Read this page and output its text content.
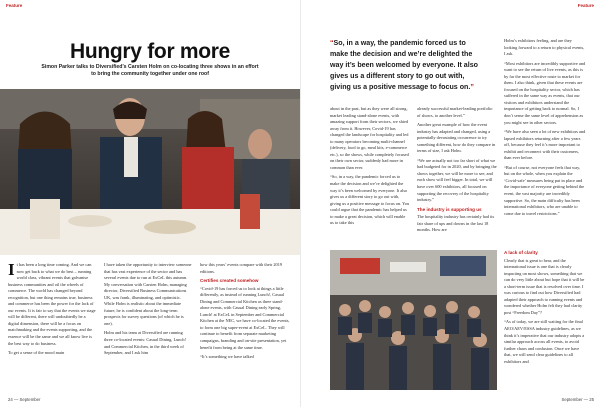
Feature
Hungry for more
Simon Parker talks to Diversified’s Carsten Holm on co-locating three shows in an effort to bring the community together under one roof

It has been a long time coming. And we can now get back to what we do best – running world class, vibrant events that galvanise business communities and oil the wheels of commerce. The world has changed beyond recognition, but one thing remains true, business and commerce has been the power for the lack of our events. It is fair to say that the events we stage will be different, there will undoubtedly be a digital dimension, there will be a focus on matchmaking and the events supporting, and the essence will be the same and we all know live is the best way to do business.

To get a sense of the mood main

I have taken the opportunity to interview someone that has vast experience of the sector and has several events due to run at ExCeL this autumn. My conversation with Carsten Holm, managing director, Diversified Business Communications UK, was frank, illuminating, and optimistic. While Holm is realistic about the immediate future, he is confident about the long-term prospects for survey questions (of which he is one).

Holm and his team at Diversified are running three co-located events: Casual Dining, Lunch! and Commercial Kitchen, in the third week of September, and I ask him

how this years’ events compare with their 2019 editions.

Certifies created somehow

“Covid-19 has forced us to look at things a little differently, as instead of running Lunch!, Casual Dining and Commercial Kitchen as three stand-alone events, with Casual Dining early Spring, Lunch! at ExCeL in September and Commercial Kitchen at the NEC, we have co-located the events, to form one big super-event at ExCeL. They will continue to benefit from separate marketing campaigns, branding and on-site presentation, yet benefit from being at the same time.

“It’s something we have talked

24 — September
Feature
“So, in a way, the pandemic forced us to make the decision and we’re delighted the way it’s been welcomed by everyone. It also gives us a different story to go out with, giving us a positive message to focus on.”

about in the past, but as they were all strong, market leading stand-alone events, with amazing support from their sectors, we shied away from it. However, Covid-19 has changed the landscape for hospitality and led to many operators becoming multi-channel (delivery, food to go, meal kits, e-commerce etc.), so the shows, while completely focused on their own sector, suddenly had more in common than ever.

“So, in a way, the pandemic forced us to make the decision and we’re delighted the way it’s been welcomed by everyone. It also gives us a different story to go out with, giving us a positive message to focus on. You could argue that the pandemic has helped us to make a great decision, which will enable us to take this

already successful market-leading portfolio of shows, to another level.”

Another great example of how the event industry has adapted and changed, using a potentially devastating occurrence to try something different, how do they compare in terms of size, I ask Holm.

“We are actually not too far short of what we had budgeted for in 2020, and by bringing the shows together, we will be more to see, and each show will feel bigger. In total, we will have over 600 exhibitors, all focused on supporting the recovery of the hospitality industry.”

The industry is supporting us

The hospitality industry has certainly had its fair share of ups and downs in the last 18 months. How are

Holm’s exhibitors feeling, and are they looking forward to a return to physical events, I ask.

“Most exhibitors are incredibly supportive and want to see the return of live events, as this is by far the most effective route to market for them. I also think, given that these events are focused on the hospitality sector, which has suffered in the same way as events, that our visitors and exhibitors understand the importance of getting back to normal. So, I don’t sense the same level of apprehension as you might see in other sectors.

“We have also seen a lot of new exhibitors and lapsed exhibitors returning after a few years off, because they feel it’s more important to exhibit and reconnect with their customers, than ever before.

“But of course, not everyone feels that way, but on the whole, when you explain the ‘Covid-safe’ measures being put in place and the importance of everyone getting behind the event, the vast majority are incredibly supportive. So, the main difficulty has been international exhibitors, who are unable to come due to travel restrictions.”

A lack of clarity

Clearly that is great to hear, and the international issue is one that is clearly impacting on most shows, something that we can do very little about but hope that it will be a short-term issue that is resolved over time. I was curious to find out how Diversified had adapted their approach to running events and wondered whether Holm felt they had clarity post “Freedom Day”?

“As of today, we are still waiting for the final AEO/AEV/ESSA industry guidelines, as we think it’s imperative that our industry adopts a similar approach across all events, to avoid further chaos and confusion. Once we have that, we will send clear guidelines to all exhibitors and

September — 25
